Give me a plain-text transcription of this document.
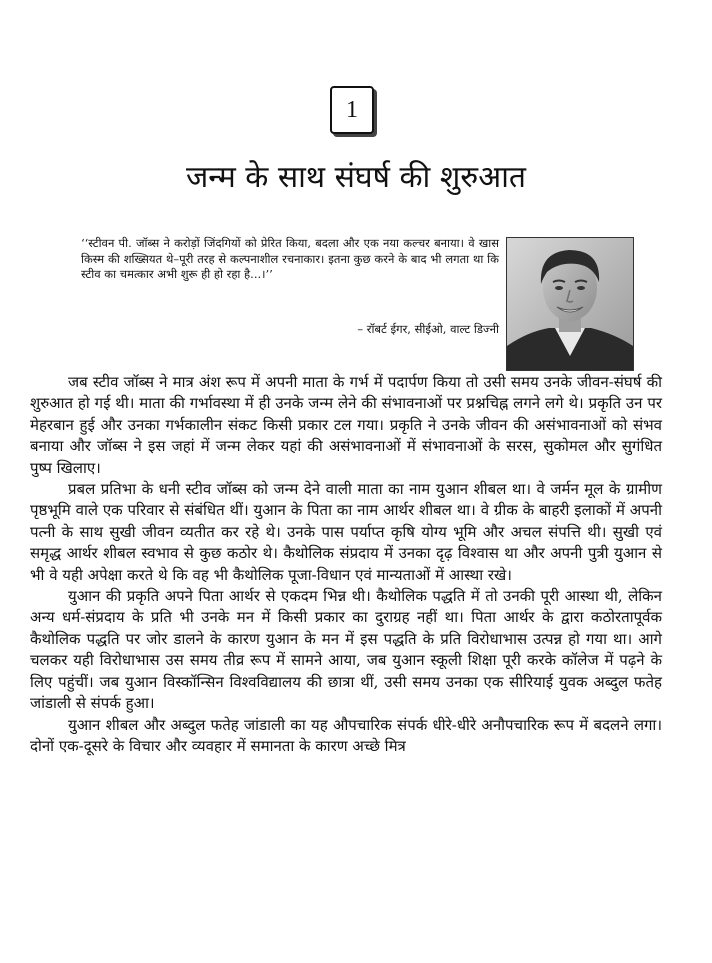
1
जन्म के साथ संघर्ष की शुरुआत
‘‘स्टीवन पी. जॉब्स ने करोड़ों जिंदगियों को प्रेरित किया, बदला और एक नया कल्चर बनाया। वे खास किस्म की शख्सियत थे–पूरी तरह से कल्पनाशील रचनाकार। इतना कुछ करने के बाद भी लगता था कि स्टीव का चमत्कार अभी शुरू ही हो रहा है...।’’
– रॉबर्ट ईगर, सीईओ, वाल्ट डिज्नी

जब स्टीव जॉब्स ने मात्र अंश रूप में अपनी माता के गर्भ में पदार्पण किया तो उसी समय उनके जीवन-संघर्ष की शुरुआत हो गई थी। माता की गर्भावस्था में ही उनके जन्म लेने की संभावनाओं पर प्रश्नचिह्न लगने लगे थे। प्रकृति उन पर मेहरबान हुई और उनका गर्भकालीन संकट किसी प्रकार टल गया। प्रकृति ने उनके जीवन की असंभावनाओं को संभव बनाया और जॉब्स ने इस जहां में जन्म लेकर यहां की असंभावनाओं में संभावनाओं के सरस, सुकोमल और सुगंधित पुष्प खिलाए।

प्रबल प्रतिभा के धनी स्टीव जॉब्स को जन्म देने वाली माता का नाम युआन शीबल था। वे जर्मन मूल के ग्रामीण पृष्ठभूमि वाले एक परिवार से संबंधित थीं। युआन के पिता का नाम आर्थर शीबल था। वे ग्रीक के बाहरी इलाकों में अपनी पत्नी के साथ सुखी जीवन व्यतीत कर रहे थे। उनके पास पर्याप्त कृषि योग्य भूमि और अचल संपत्ति थी। सुखी एवं समृद्ध आर्थर शीबल स्वभाव से कुछ कठोर थे। कैथोलिक संप्रदाय में उनका दृढ़ विश्वास था और अपनी पुत्री युआन से भी वे यही अपेक्षा करते थे कि वह भी कैथोलिक पूजा-विधान एवं मान्यताओं में आस्था रखे।

युआन की प्रकृति अपने पिता आर्थर से एकदम भिन्न थी। कैथोलिक पद्धति में तो उनकी पूरी आस्था थी, लेकिन अन्य धर्म-संप्रदाय के प्रति भी उनके मन में किसी प्रकार का दुराग्रह नहीं था। पिता आर्थर के द्वारा कठोरतापूर्वक कैथोलिक पद्धति पर जोर डालने के कारण युआन के मन में इस पद्धति के प्रति विरोधाभास उत्पन्न हो गया था। आगे चलकर यही विरोधाभास उस समय तीव्र रूप में सामने आया, जब युआन स्कूली शिक्षा पूरी करके कॉलेज में पढ़ने के लिए पहुंचीं। जब युआन विस्कॉन्सिन विश्वविद्यालय की छात्रा थीं, उसी समय उनका एक सीरियाई युवक अब्दुल फतेह जांडाली से संपर्क हुआ।

युआन शीबल और अब्दुल फतेह जांडाली का यह औपचारिक संपर्क धीरे-धीरे अनौपचारिक रूप में बदलने लगा। दोनों एक-दूसरे के विचार और व्यवहार में समानता के कारण अच्छे मित्र
